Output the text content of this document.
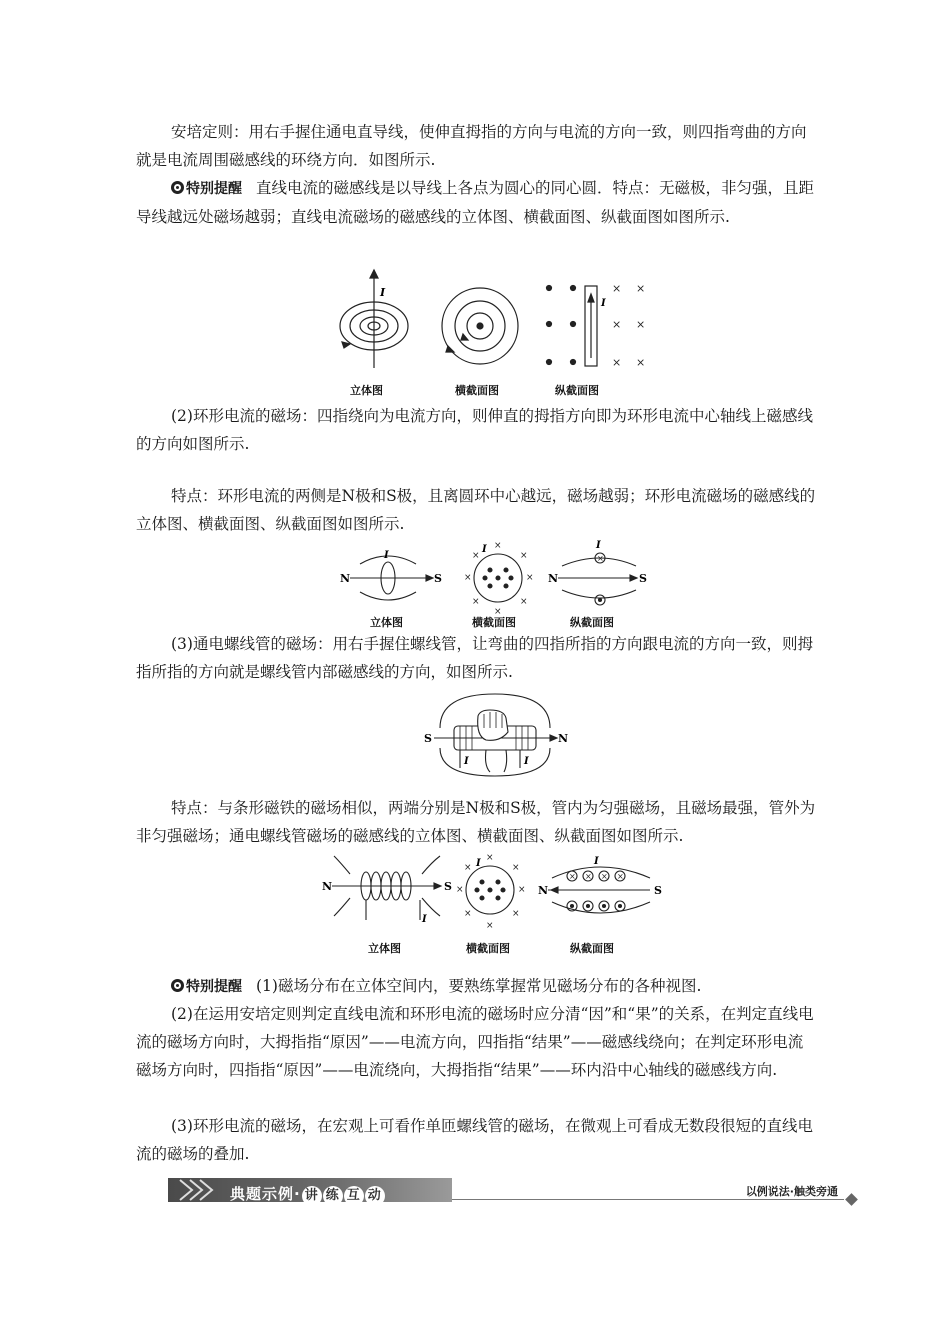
安培定则：用右手握住通电直导线，使伸直拇指的方向与电流的方向一致，则四指弯曲的方向就是电流周围磁感线的环绕方向．如图所示.
特别提醒 直线电流的磁感线是以导线上各点为圆心的同心圆．特点：无磁极，非匀强，且距导线越远处磁场越弱；直线电流磁场的磁感线的立体图、横截面图、纵截面图如图所示.
I	× ×
× ×
× ×
I
立体图	横截面图	纵截面图
(2)环形电流的磁场：四指绕向为电流方向，则伸直的拇指方向即为环形电流中心轴线上磁感线的方向如图所示.
特点：环形电流的两侧是N极和S极，且离圆环中心越远，磁场越弱；环形电流磁场的磁感线的立体图、横截面图、纵截面图如图所示.
N	S
I
×	×
×
×
×	×
×	×
I
×
I
N	S
立体图	横截面图	纵截面图
(3)通电螺线管的磁场：用右手握住螺线管，让弯曲的四指所指的方向跟电流的方向一致，则拇指所指的方向就是螺线管内部磁感线的方向，如图所示.
S	N
I	I
特点：与条形磁铁的磁场相似，两端分别是N极和S极，管内为匀强磁场，且磁场最强，管外为非匀强磁场；通电螺线管磁场的磁感线的立体图、横截面图、纵截面图如图所示.
N	S
I
×	×
×
×
×	×
×	×
I
× × × ×
I
N	S
立体图	横截面图	纵截面图
特别提醒 (1)磁场分布在立体空间内，要熟练掌握常见磁场分布的各种视图.
(2)在运用安培定则判定直线电流和环形电流的磁场时应分清“因”和“果”的关系，在判定直线电流的磁场方向时，大拇指指“原因”——电流方向，四指指“结果”——磁感线绕向；在判定环形电流磁场方向时，四指指“原因”——电流绕向，大拇指指“结果”——环内沿中心轴线的磁感线方向.
(3)环形电流的磁场，在宏观上可看作单匝螺线管的磁场，在微观上可看成无数段很短的直线电流的磁场的叠加.
典题示例· 讲 练 互 动	以例说法·触类旁通
